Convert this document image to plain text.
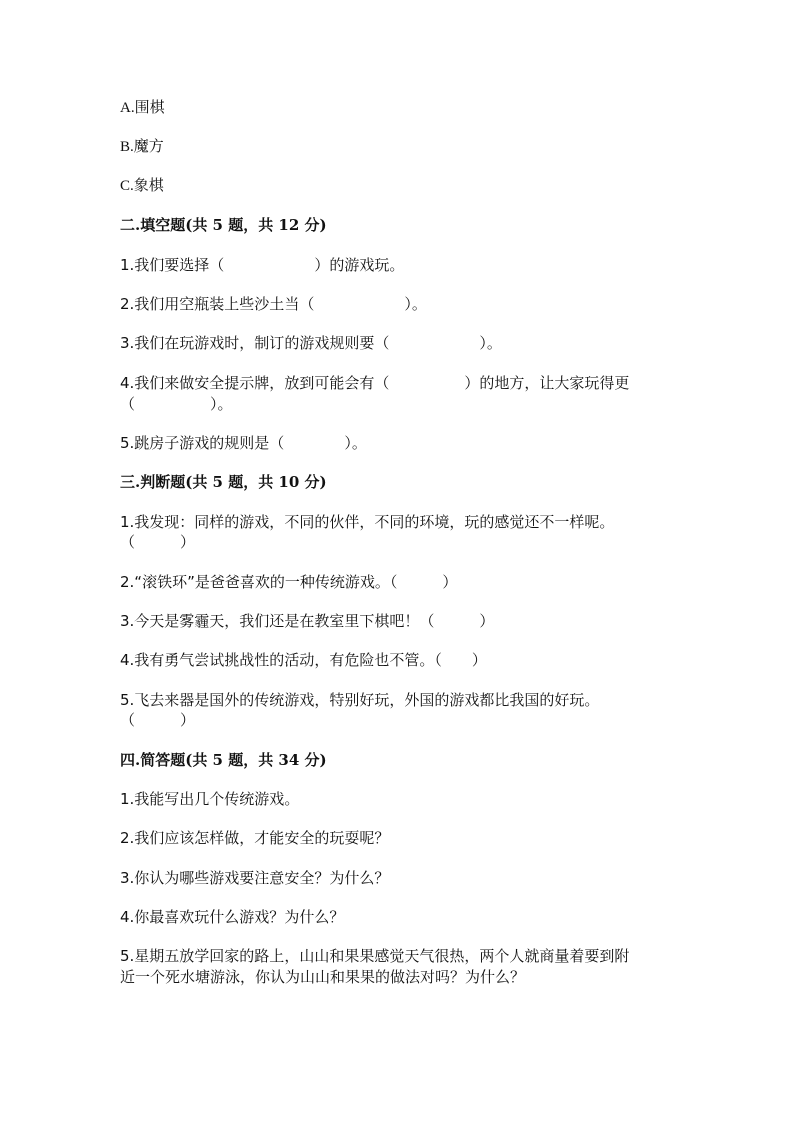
A.围棋
B.魔方
C.象棋
二.填空题(共 5 题，共 12 分)
1.我们要选择（　　　　　　）的游戏玩。
2.我们用空瓶装上些沙土当（　　　　　　）。
3.我们在玩游戏时，制订的游戏规则要（　　　　　　）。
4.我们来做安全提示牌，放到可能会有（　　　　　）的地方，让大家玩得更
（　　　　　）。
5.跳房子游戏的规则是（　　　　）。
三.判断题(共 5 题，共 10 分)
1.我发现：同样的游戏，不同的伙伴，不同的环境，玩的感觉还不一样呢。
（　　　）
2.“滚铁环”是爸爸喜欢的一种传统游戏。（　　　）
3.今天是雾霾天，我们还是在教室里下棋吧！（　　　）
4.我有勇气尝试挑战性的活动，有危险也不管。（　　）
5.飞去来器是国外的传统游戏，特别好玩，外国的游戏都比我国的好玩。
（　　　）
四.简答题(共 5 题，共 34 分)
1.我能写出几个传统游戏。
2.我们应该怎样做，才能安全的玩耍呢？
3.你认为哪些游戏要注意安全？为什么？
4.你最喜欢玩什么游戏？为什么？
5.星期五放学回家的路上，山山和果果感觉天气很热，两个人就商量着要到附
近一个死水塘游泳，你认为山山和果果的做法对吗？为什么？
